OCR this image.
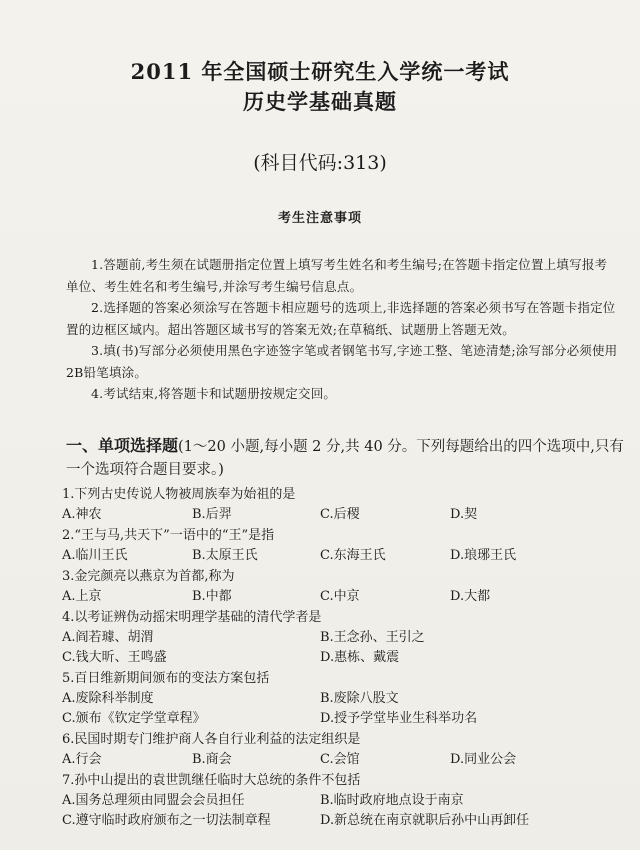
2011 年全国硕士研究生入学统一考试
历史学基础真题
(科目代码:313)
考生注意事项

1.答题前,考生须在试题册指定位置上填写考生姓名和考生编号;在答题卡指定位置上填写报考单位、考生姓名和考生编号,并涂写考生编号信息点。

2.选择题的答案必须涂写在答题卡相应题号的选项上,非选择题的答案必须书写在答题卡指定位置的边框区域内。超出答题区域书写的答案无效;在草稿纸、试题册上答题无效。

3.填(书)写部分必须使用黑色字迹签字笔或者钢笔书写,字迹工整、笔迹清楚;涂写部分必须使用2B铅笔填涂。

4.考试结束,将答题卡和试题册按规定交回。

一、单项选择题(1～20 小题,每小题 2 分,共 40 分。下列每题给出的四个选项中,只有一个选项符合题目要求。)
1.下列古史传说人物被周族奉为始祖的是
A.神农	B.后羿	C.后稷	D.契
2.“王与马,共天下”一语中的“王”是指
A.临川王氏	B.太原王氏	C.东海王氏	D.琅琊王氏
3.金完颜亮以燕京为首都,称为
A.上京	B.中都	C.中京	D.大都
4.以考证辨伪动摇宋明理学基础的清代学者是
A.阎若璩、胡渭	B.王念孙、王引之
C.钱大昕、王鸣盛	D.惠栋、戴震
5.百日维新期间颁布的变法方案包括
A.废除科举制度	B.废除八股文
C.颁布《钦定学堂章程》	D.授予学堂毕业生科举功名
6.民国时期专门维护商人各自行业利益的法定组织是
A.行会	B.商会	C.会馆	D.同业公会
7.孙中山提出的袁世凯继任临时大总统的条件不包括
A.国务总理须由同盟会会员担任	B.临时政府地点设于南京
C.遵守临时政府颁布之一切法制章程	D.新总统在南京就职后孙中山再卸任
